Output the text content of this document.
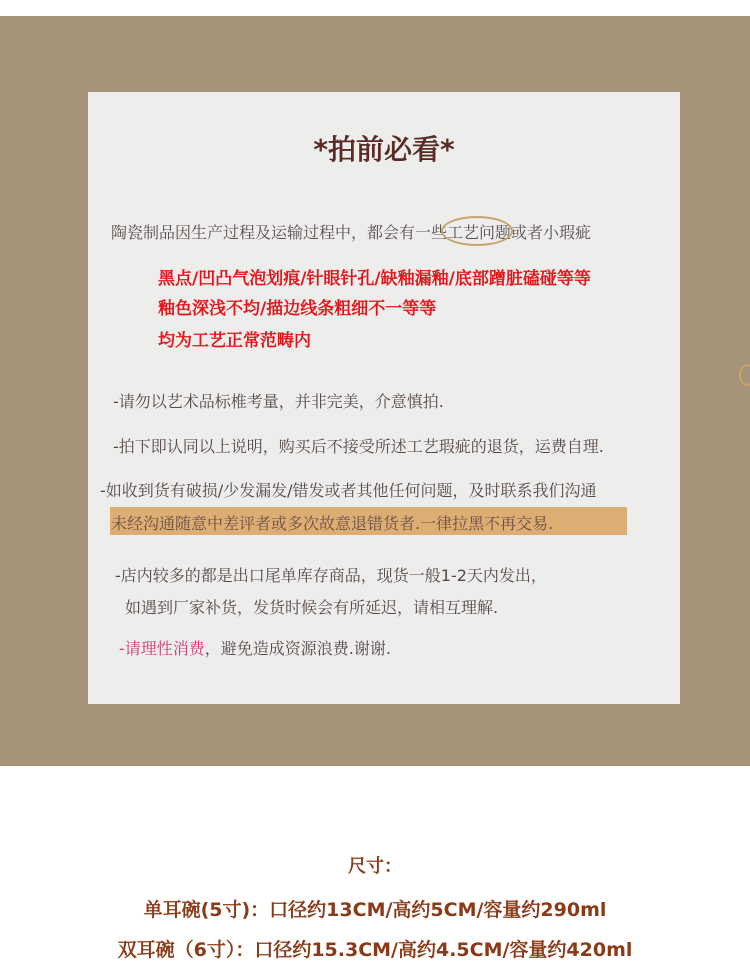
*拍前必看*
陶瓷制品因生产过程及运输过程中，都会有一些
工艺问题或者小瑕疵
黑点/凹凸气泡划痕/针眼针孔/缺釉漏釉/底部蹭脏磕碰等等
釉色深浅不均/描边线条粗细不一等等
均为工艺正常范畴内
-请勿以艺术品标椎考量，并非完美，介意慎拍.
-拍下即认同以上说明，购买后不接受所述工艺瑕疵的退货，运费自理.
-如收到货有破损/少发漏发/错发或者其他任何问题，及时联系我们沟通
未经沟通随意中差评者或多次故意退错货者.一律拉黑不再交易.
-店内较多的都是出口尾单库存商品，现货一般1-2天内发出，
如遇到厂家补货，发货时候会有所延迟，请相互理解.
-请理性消费，避免造成资源浪费.谢谢.
尺寸：
单耳碗(5寸)：口径约13CM/高约5CM/容量约290ml
双耳碗（6寸）：口径约15.3CM/高约4.5CM/容量约420ml
